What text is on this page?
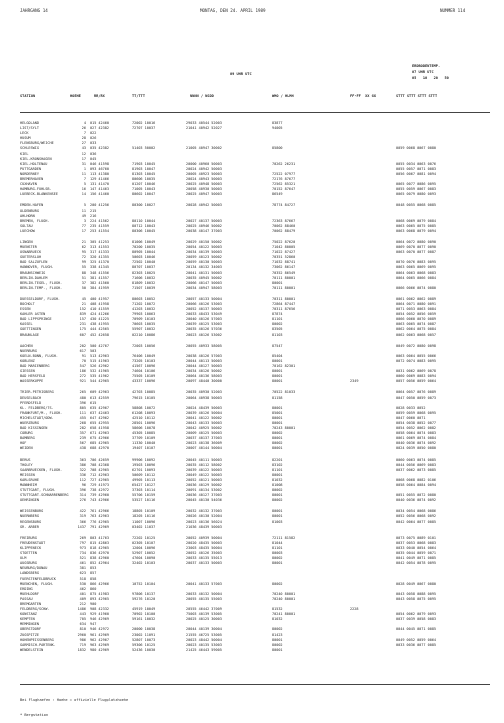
JAHRGANG 14	MONTAG, DEN 24. APRIL 1989	NUMMER 114
09 UHR UTC
ERDBODENTEMP.
07 UHR UTC
05   10   20   50
STATION	HOEHE	RR/RX	TT/TTT	NNNN / NSDD	WMO / HLMH	FF-FF  XX GG	STTT STTT STTT STTT
HELGOLAND	4 015 42460	72002 10016	29033 40544 52003	83877
LIST/SYLT	26 027 42382	72707 10037	21041 40942 52027	94005
LECK	7 022
HUSUM	28 026
FLENSBURG/WEICHE	27 033
SCHLESWIG	43 035 42382	51403 50002	21005 40947 30002	85800	0059 0068 0067 0080
KIEL	12 036
KIEL-KRONSHAGEN	17 045
KIEL-HOLTENAU	31 046 41598	71903 10045	20000 40960 50003	70262 26231	0055 0034 0063 0076
PUTTGARDEN	1 093 46760	81903 10047	20024 40942 50003	0055 0057 0071 0083
NORDERNEY	11 113 41380	81303 10045	20005 40923 50003	72522 07977	0056 0067 0081 0094
BREMERHAVEN	7 129 41466	80606 10035	20024 40943 50003	72176 87677
CUXHAVEN	5 131 41470	01207 10046	20025 40948 50003	72562 85321	0065 0077 0086 0095
HAMBURG-FUHLSB.	16 147 41463	71005 10043	20058 40930 50003	70152 87647	0055 0059 0067 0083
LUEBECK-BLANKENSEE	14 156 41460	80602 10047	20025 40947 50003	86549	0065 0079 0080 0093
EMDEN-HAFEN	5 200 41256	80300 10027	20028 40942 50003	78774 84727	0048 0055 0068 0085
OLDENBURG	11 215
AHLHORN	49 216
BREMEN, FLUGH.	3 224 41562	80110 10044	20027 40137 50003	72363 87667	0068 0069 0079 0084
SOLTAU	77 235 41559	80712 10043	20025 40946 50002	70062 88460	0063 0065 0075 0085
LUECHOW	17 253 41554	80306 10045	20038 40147 37003	70062 88479	0063 0068 0079 0094
LINGEN	21 305 41253	81006 10049	20029 40150 50002	75022 87620	0064 0072 0080 0090
MUENSTER	62 313 41553	70200 10035	20054 40122 50003	71042 80005	0069 0070 0077 0090
OSNABRUECK	95 317 41333	80905 10044	20034 40139 50003	71022 87427	0063 0070 0077 0087
GUETERSLOH	72 320 41355	50603 10046	20059 40123 50002	70351 52860
BAD SALZUFLEN	99 325 41370	72502 10040	20059 40130 50003	71032 88741	0070 0076 0083 0095
HANNOVER, FLUGH.	55 338 41345	80707 10037	20134 40132 34003	73062 86147	0063 0065 0069 0095
BRAUNSCHWEIG	88 348 41556	82303 10025	20041 40131 50003	70352 86549	0064 0063 0068 0083
BERLIN-DAHLEM	51 381 41557	71606 10032	20035 40945 50002	70111 80001	0064 0065 0066 0084
BERLIN-TEGEL, FLUGH.	37 382 41560	81809 10032	20066 40147 50003	80001
BERLIN-TEMP., FLUGH.	50 384 41959	71507 10039	20034 40947 58003	70111 80001	0066 0066 0074 0080
DUESSELDORF, FLUGH.	45 400 41957	80603 10052	20057 40133 50004	70311 80001	0061 0062 0062 0089
BOCHOLT	21 408 41958	71202 10072	20066 40126 53003	72864 87447	0064 0071 0080 0091
ESSEN	152 410 41559	41203 10032	20052 40137 50003	70311 87656	0071 0053 0063 0084
KAHLER ASTEN	839 424 41266	79903 10063	20033 48433 53049	87874	0054 0052 0056 0059
BAD LIPPSPRINGE	157 430 41225	70909 10103	20040 40126 57003	81101	0066 0060 0070 0089
KASSEL	231 438 41955	70603 10035	20039 40125 53003	80002	0063 0065 0074 0087
GOETTINGEN	175 444 42565	55907 10032	20035 40126 57036	83505	0062 0064 0075 0084
BRAUNLAGE	607 452 42658	02210 10086	20023 40126 53002	81103	0062 0063 0068 0057
AACHEN	202 500 42767	72003 10056	20055 40933 58005	87547	0049 0072 0080 0098
NUERBURG	617 503
KOELN-BONN, FLUGH.	91 513 42963	76406 10049	20038 40126 57003	85404	0063 0064 0055 0066
KOBLENZ	70 515 41963	73205 10103	20044 40113 50003	80001	0072 0074 0083 0095
BAD MARIENBERG	547 526 42962	41567 10096	20044 40127 50003	70162 82301
GIESSEN	186 532 41965	74604 10106	20034 40126 50002	80001	0031 0062 0069 0078
BAD HERSFELD	272 535 41962	75505 10109	20064 40136 58003	80001	0060 0069 0083 0094
WASSERKUPPE	921 544 42965	43337 10096	20097 48440 30000	80001	2349	0057 0056 0059 0064
TRIER-PETRISBERG	265 609 42963	42703 10085	20035 40930 52003	70522 81033	0064 0057 0076 0089
DEUSELBACH	480 613 42559	79615 10105	20064 40938 50003	81158	0047 0050 0059 0073
PFERDSFELD	396 615
KL. FELDBERG/TS.	805 635 42967	58808 10072	20024 48439 50003	80001	0028 0033 0052
FRANKFURT/M., FLUGH.	111 637 42463	61208 10093	20039 40126 50004	85001	0059 0059 0068 0095
MICHELSTADT/ODW.	455 647 42962	42510 10112	20041 40122 50002	80001	0047 0060 0071
WUERZBURG	268 655 42955	28501 10096	20043 40133 50003	80001	0054 0038 0052 0077
BAD KISSINGEN	282 658 41958	58606 10078	20042 40925 50002	70243 80001	0054 0052 0062 0082
COBURG	357 671 42963	45305 10085	20009 40125 50003	80002	0058 0064 0074 0083
BAMBERG	239 675 42966	37709 10109	20037 40137 37003	80001	0061 0069 0074 0084
HOF	567 685 42965	11330 10040	20023 40138 36009	80002	0040 0036 0074 0092
WEIDEN	438 688 42970	19407 10107	20007 40144 50004	80001	0024 0039 0050 0080
BERUS	363 706 42659	99906 10092	20045 40111 50003	82201	0060 0063 0074 0085
THOLEY	386 708 42368	19503 10096	20035 40112 58002	83102	0044 0056 0069 0083
SAARBRUECKEN, FLUGH.	322 708 42965	62701 10093	20039 40122 50003	81101	0037 0062 0073 0085
MEISSEN	336 712 42963	50609 10112	20049 40122 50003	80001
KARLSRUHE	112 727 42965	49905 10113	20052 40121 50003	81032	0068 0068 0082 0106
MANNHEIM	96 729 41973	65427 10127	20036 40129 50002	81008	0058 0064 0084 0094
STUTTGART, FLUGH.	396 738 42972	37303 10114	20091 40134 53002	80002
STUTTGART-SCHNARRENBERG	314 739 42960	55706 10159	20036 40127 37003	80001	0051 0055 0072 0080
OEHRINGEN	276 743 42966	53527 10116	20045 40130 54036	80002	0040 0036 0074 0092
WEISSENBURG	422 761 42966	18805 10109	20032 40132 37003	80001	0034 0054 0068 0086
NUERNBERG	319 763 42963	18205 10116	20026 40130 52004	80001	0052 0056 0068 0092
REGENSBURG	366 776 42965	11007 10096	20023 40136 56024	81003	0042 0064 0077 0085
GR. ARBER	1437 791 42969	03402 11037	21036 48439 50003
FREIBURG	269 803 41763	72202 10125	20052 40939 50004	72111 81582	0073 0075 0089 0101
FREUDENSTADT	797 815 42863	02305 10107	20020 48435 50003	81044	0037 0053 0068 0083
KLIPPENECK	973 818 42965	12004 10096	23003 48435 50004	81101	0033 0040 0054 0064
STOETTEN	734 836 42970	52907 10052	20052 40126 35003	80003	0035 0044 0059 0071
ULM	521 838 42960	47604 10090	20033 40135 55013	80002	0041 0049 0071 0085
AUGSBURG	461 852 42964	32402 10103	20037 40133 50003	80001	0042 0054 0078 0095
NEUBURG/DONAU	381 853
LANDSBERG	623 857
FUERSTENFELDBRUCK	518 858
MUENCHEN, FLUGH.	530 866 42966	10752 10104	20041 40133 57003	80002	0028 0049 0067 0080
ERDING	462 860
MUEHLDORF	401 875 41983	97806 10137	20033 40132 50004	70240 80001	0043 0058 0088 0095
PASSAU	409 893 42965	59276 10120	20055 40135 55003	70240 80001	0043 0058 0075 0095
BREMGARTEN	212 900
FELDBERG/SCHW.	1486 908 42332	45919 10049	20555 46442 37009	81532	2228
KONSTANZ	443 929 41960	70902 10100	75003 40139 53005	70241 80001	0054 0062 0079 0093
KEMPTEN	705 946 42969	59161 10032	20025 40125 30003	81032	0037 0039 0058 0083
MEMMINGEN	634 947
OBERSTDORF	810 946 42972	20000 10038	20044 40139 30004	80002	0044 0045 0071 0085
ZUGSPITZE	2960 961 42969	23002 11091	21555 46725 53005	81423
HOHENPEISSENBERG	986 962 42967	52807 10073	20023 48442 50004	80001	0049 0052 0059 0064
GARMISCH-PARTENK.	719 963 42969	59306 10125	20023 40135 53003	80002	0033 0036 0077 0085
WENDELSTEIN	1832 980 42969	52436 10030	21425 46443 59005	80001

Bei Flughaefen : Hoehe = offizielle Flugplatzhoehe

* Bergstation
